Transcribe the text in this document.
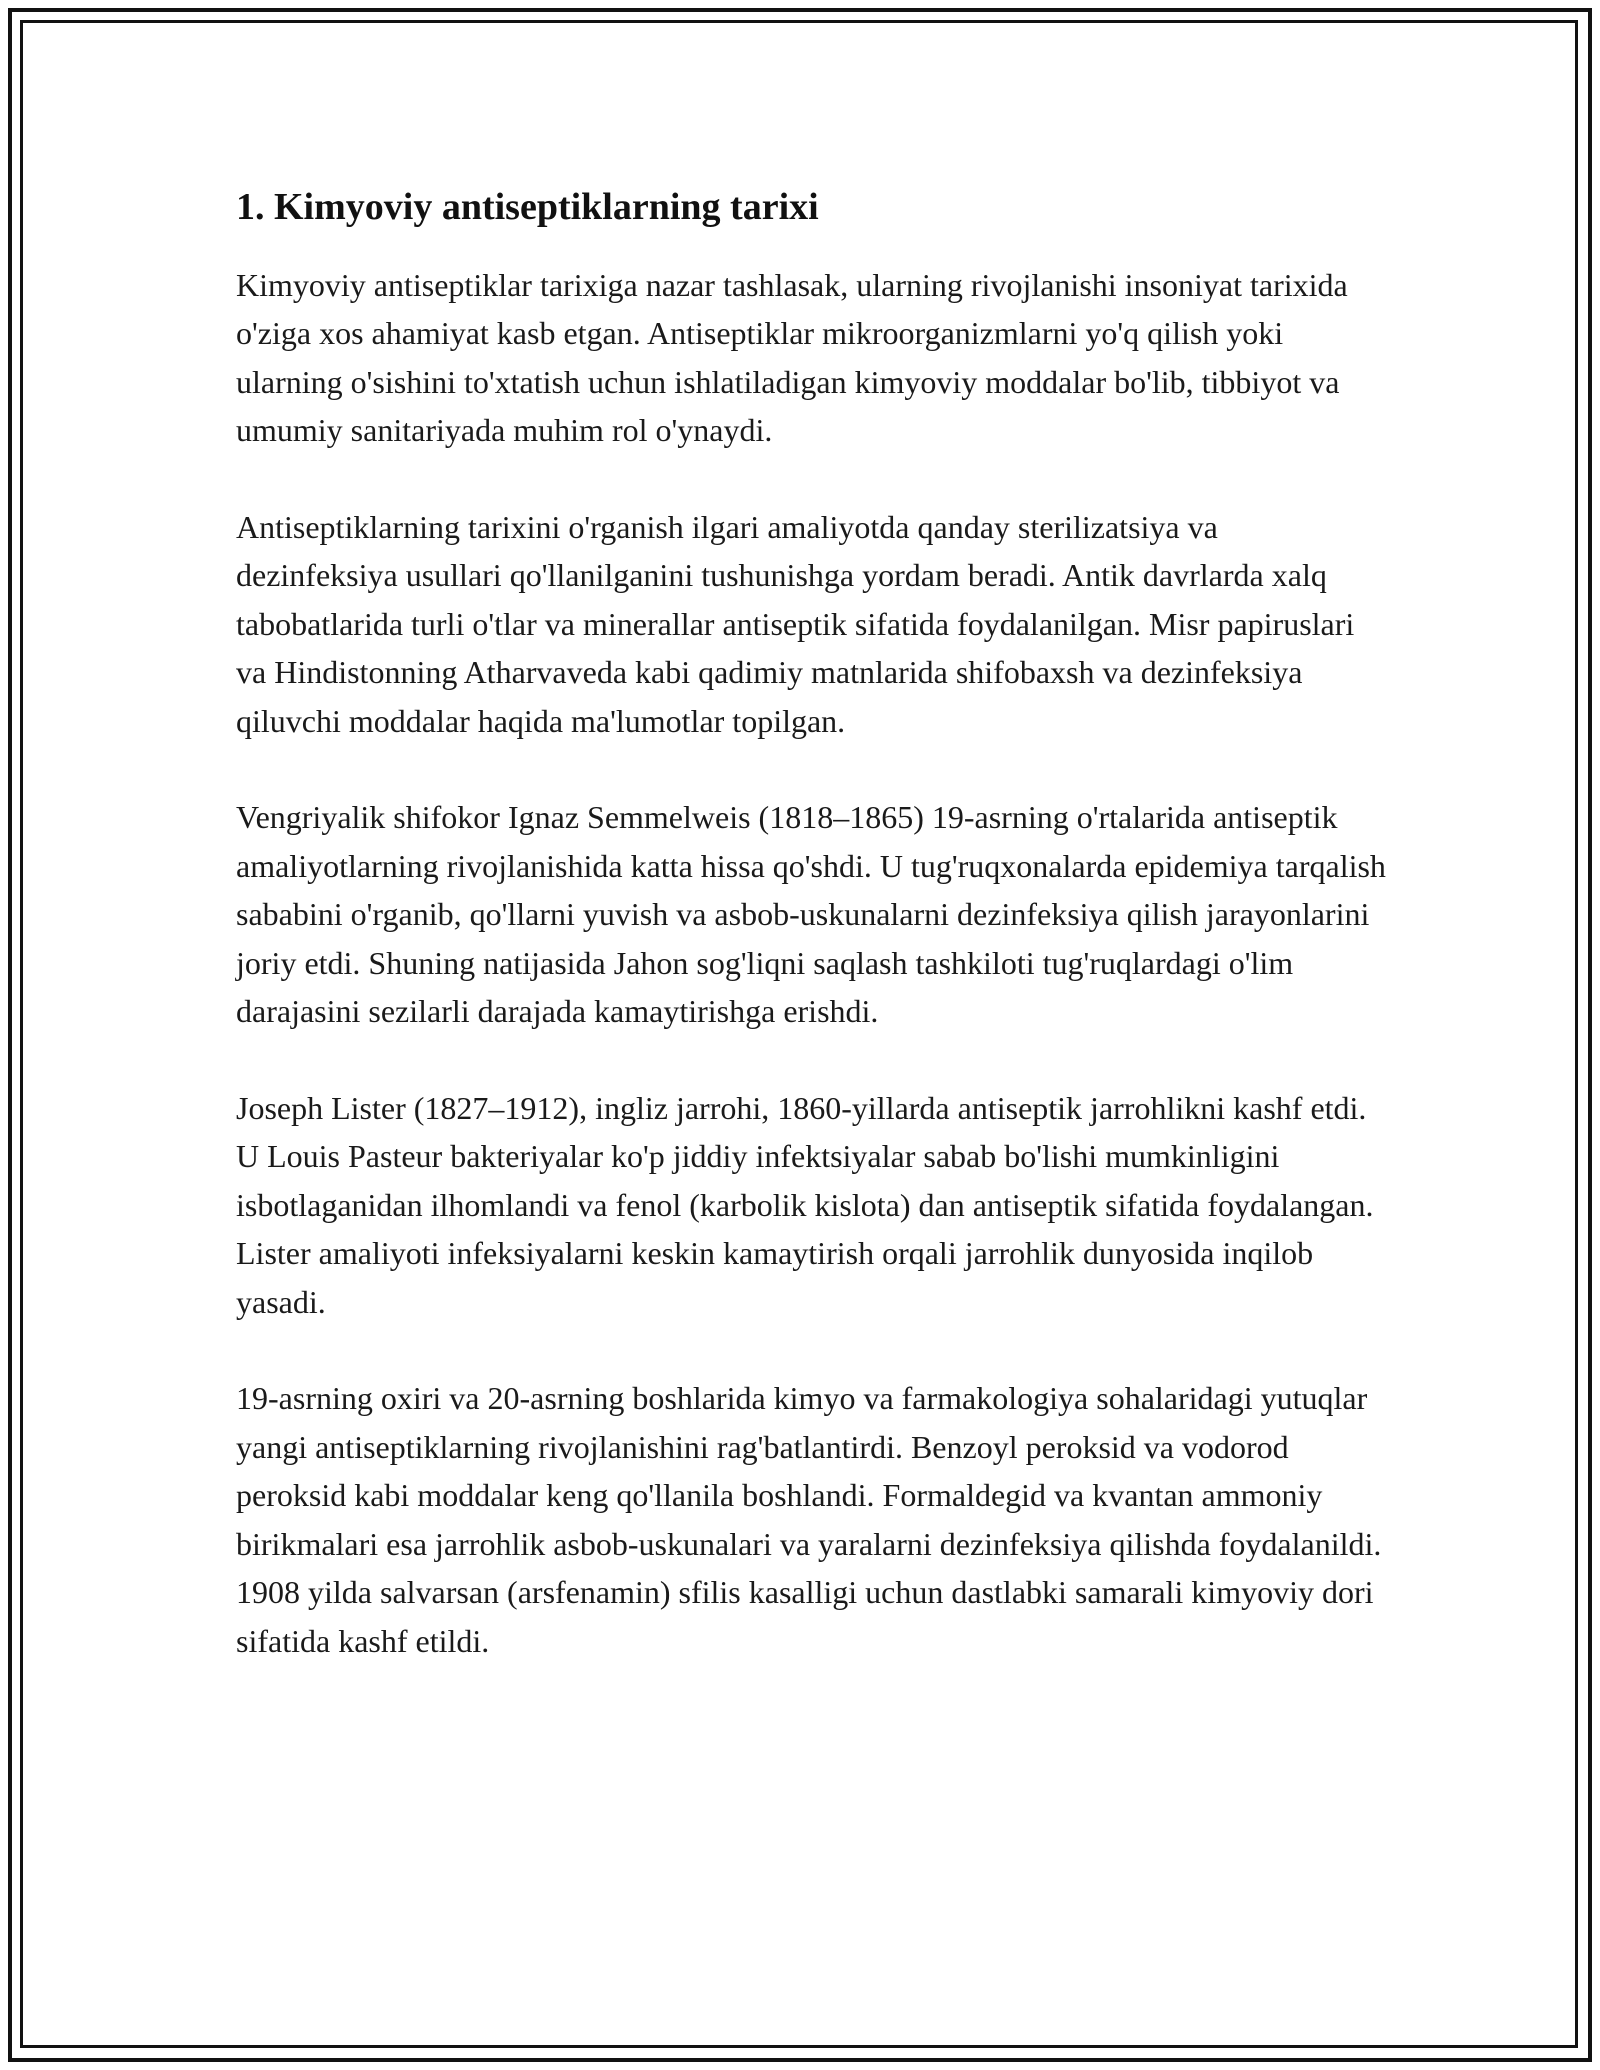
1. Kimyoviy antiseptiklarning tarixi

Kimyoviy antiseptiklar tarixiga nazar tashlasak, ularning rivojlanishi insoniyat tarixida o'ziga xos ahamiyat kasb etgan. Antiseptiklar mikroorganizmlarni yo'q qilish yoki ularning o'sishini to'xtatish uchun ishlatiladigan kimyoviy moddalar bo'lib, tibbiyot va umumiy sanitariyada muhim rol o'ynaydi.

Antiseptiklarning tarixini o'rganish ilgari amaliyotda qanday sterilizatsiya va dezinfeksiya usullari qo'llanilganini tushunishga yordam beradi. Antik davrlarda xalq tabobatlarida turli o'tlar va minerallar antiseptik sifatida foydalanilgan. Misr papiruslari va Hindistonning Atharvaveda kabi qadimiy matnlarida shifobaxsh va dezinfeksiya qiluvchi moddalar haqida ma'lumotlar topilgan.

Vengriyalik shifokor Ignaz Semmelweis (1818–1865) 19-asrning o'rtalarida antiseptik amaliyotlarning rivojlanishida katta hissa qo'shdi. U tug'ruqxonalarda epidemiya tarqalish sababini o'rganib, qo'llarni yuvish va asbob-uskunalarni dezinfeksiya qilish jarayonlarini joriy etdi. Shuning natijasida Jahon sog'liqni saqlash tashkiloti tug'ruqlardagi o'lim darajasini sezilarli darajada kamaytirishga erishdi.

Joseph Lister (1827–1912), ingliz jarrohi, 1860-yillarda antiseptik jarrohlikni kashf etdi. U Louis Pasteur bakteriyalar ko'p jiddiy infektsiyalar sabab bo'lishi mumkinligini isbotlaganidan ilhomlandi va fenol (karbolik kislota) dan antiseptik sifatida foydalangan. Lister amaliyoti infeksiyalarni keskin kamaytirish orqali jarrohlik dunyosida inqilob yasadi.

19-asrning oxiri va 20-asrning boshlarida kimyo va farmakologiya sohalaridagi yutuqlar yangi antiseptiklarning rivojlanishini rag'batlantirdi. Benzoyl peroksid va vodorod peroksid kabi moddalar keng qo'llanila boshlandi. Formaldegid va kvantan ammoniy birikmalari esa jarrohlik asbob-uskunalari va yaralarni dezinfeksiya qilishda foydalanildi. 1908 yilda salvarsan (arsfenamin) sfilis kasalligi uchun dastlabki samarali kimyoviy dori sifatida kashf etildi.
